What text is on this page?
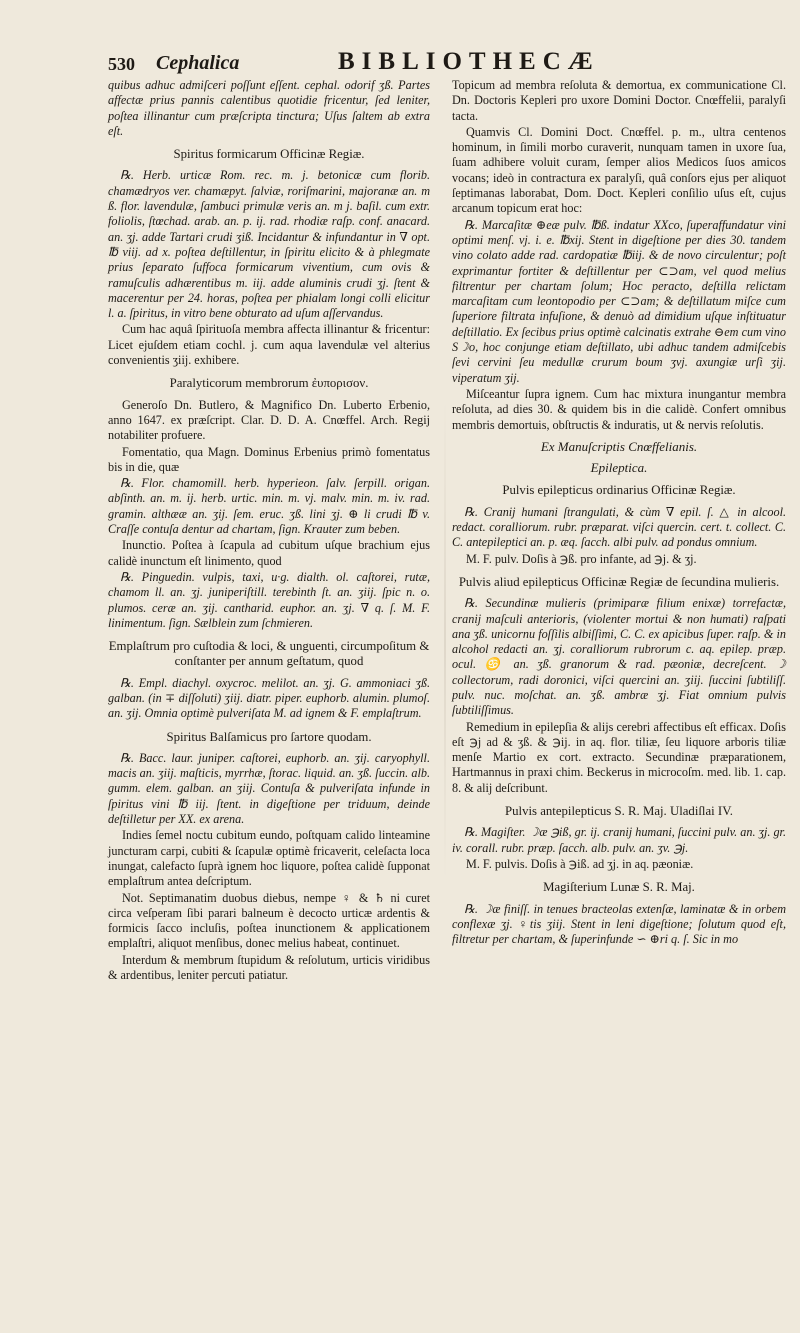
530 Cephalica	BIBLIOTHECÆ

quibus adhuc admiſceri poſſunt eſſent. cephal. odorif ʒß. Partes affectæ prius pannis calentibus quotidie fricentur, ſed leniter, poſtea illinantur cum præſcripta tinctura; Uſus ſaltem ab extra eſt.

Spiritus formicarum Officinæ Regiæ.

℞. Herb. urticæ Rom. rec. m. j. betonicæ cum florib. chamædryos ver. chamæpyt. ſalviæ, roriſmarini, majoranæ an. m ß. flor. lavendulæ, ſambuci primulæ veris an. m j. baſil. cum extr. foliolis, ſtœchad. arab. an. p. ij. rad. rhodiæ raſp. conf. anacard. an. ʒj. adde Tartari crudi ʒiß. Incidantur & infundantur in ∇ opt. ℔ viij. ad x. poſtea deſtillentur, in ſpiritu elicito & à phlegmate prius ſeparato ſuffoca formicarum viventium, cum ovis & ramuſculis adhærentibus m. iij. adde aluminis crudi ʒj. ſtent & macerentur per 24. horas, poſtea per phialam longi colli elicitur l. a. ſpiritus, in vitro bene obturato ad uſum aſſervandus.

Cum hac aquâ ſpirituoſa membra affecta illinantur & fricentur: Licet ejuſdem etiam cochl. j. cum aqua lavendulæ vel alterius convenientis ʒiij. exhibere.

Paralyticorum membrorum ἐυπορισον.

Generoſo Dn. Butlero, & Magnifico Dn. Luberto Erbenio, anno 1647. ex præſcript. Clar. D. D. A. Cnœffel. Arch. Regij notabiliter profuere.

Fomentatio, qua Magn. Dominus Erbenius primò fomentatus bis in die, quæ

℞. Flor. chamomill. herb. hyperieon. ſalv. ſerpill. origan. abſinth. an. m. ij. herb. urtic. min. m. vj. malv. min. m. iv. rad. gramin. althææ an. ʒij. ſem. eruc. ʒß. lini ʒj. ⊕ li crudi ℔ v. Craſſe contuſa dentur ad chartam, ſign. Krauter zum beben.

Inunctio. Poſtea à ſcapula ad cubitum uſque brachium ejus calidè inunctum eſt linimento, quod

℞. Pinguedin. vulpis, taxi, u·g. dialth. ol. caſtorei, rutæ, chamom ll. an. ʒj. juniperiſtill. terebinth ſt. an. ʒiij. ſpic n. o. plumos. ceræ an. ʒij. cantharid. euphor. an. ʒj. ∇ q. ſ. M. F. linimentum. ſign. Sælblein zum ſchmieren.

Emplaſtrum pro cuſtodia & loci, & unguenti, circumpoſitum & conſtanter per annum geſtatum, quod

℞. Empl. diachyl. oxycroc. melilot. an. ʒj. G. ammoniaci ʒß. galban. (in ∓ diſſoluti) ʒiij. diatr. piper. euphorb. alumin. plumoſ. an. ʒij. Omnia optimè pulveriſata M. ad ignem & F. emplaſtrum.

Spiritus Balſamicus pro ſartore quodam.

℞. Bacc. laur. juniper. caſtorei, euphorb. an. ʒij. caryophyll. macis an. ʒiij. maſticis, myrrhæ, ſtorac. liquid. an. ʒß. ſuccin. alb. gumm. elem. galban. an ʒiij. Contuſa & pulveriſata infunde in ſpiritus vini ℔ iij. ſtent. in digeſtione per triduum, deinde deſtilletur per XX. ex arena.

Indies ſemel noctu cubitum eundo, poſtquam calido linteamine juncturam carpi, cubiti & ſcapulæ optimè fricaverit, celeſacta loca inungat, calefacto ſuprà ignem hoc liquore, poſtea calidè ſupponat emplaſtrum antea deſcriptum.

Not. Septimanatim duobus diebus, nempe ♀ & ♄ ni curet circa veſperam ſibi parari balneum è decocto urticæ ardentis & formicis ſacco incluſis, poſtea inunctionem & applicationem emplaſtri, aliquot menſibus, donec melius habeat, continuet.

Interdum & membrum ſtupidum & reſolutum, urticis viridibus & ardentibus, leniter percuti patiatur.

Topicum ad membra reſoluta & demortua, ex communicatione Cl. Dn. Doctoris Kepleri pro uxore Domini Doctor. Cnœffelii, paralyſi tacta.

Quamvis Cl. Domini Doct. Cnœffel. p. m., ultra centenos hominum, in ſimili morbo curaverit, nunquam tamen in uxore ſua, ſuam adhibere voluit curam, ſemper alios Medicos ſuos amicos vocans; ideò in contractura ex paralyſi, quâ conſors ejus per aliquot ſeptimanas laborabat, Dom. Doct. Kepleri conſilio uſus eſt, cujus arcanum topicum erat hoc:

℞. Marcaſitæ ⊕eæ pulv. ℔ß. indatur XXco, ſuperaffundatur vini optimi menſ. vj. i. e. ℔xij. Stent in digeſtione per dies 30. tandem vino colato adde rad. cardopatiæ ℔iij. & de novo circulentur; poſt exprimantur fortiter & deſtillentur per ⊂⊃am, vel quod melius filtrentur per chartam ſolum; Hoc peracto, deſtilla relictam marcaſitam cum leontopodio per ⊂⊃am; & deſtillatum miſce cum ſuperiore filtrata infuſione, & denuò ad dimidium uſque inſtituatur deſtillatio. Ex ſecibus prius optimè calcinatis extrahe ⊖em cum vino S☽o, hoc conjunge etiam deſtillato, ubi adhuc tandem admiſcebis ſevi cervini ſeu medullæ crurum boum ʒvj. axungiæ urſi ʒij. viperatum ʒij.

Miſceantur ſupra ignem. Cum hac mixtura inungantur membra reſoluta, ad dies 30. & quidem bis in die calidè. Confert omnibus membris demortuis, obſtructis & induratis, ut & nervis reſolutis.

Ex Manuſcriptis Cnœffelianis.

Epileptica.

Pulvis epilepticus ordinarius Officinæ Regiæ.

℞. Cranij humani ſtrangulati, & cùm ∇ epil. ſ. △ in alcool. redact. coralliorum. rubr. præparat. viſci quercin. cert. t. collect. C. C. antepileptici an. p. æq. ſacch. albi pulv. ad pondus omnium.

M. F. pulv. Doſis à ℈ß. pro infante, ad ℈j. & ʒj.

Pulvis aliud epilepticus Officinæ Regiæ de ſecundina mulieris.

℞. Secundinæ mulieris (primiparæ filium enixæ) torrefactæ, cranij maſculi anterioris, (violenter mortui & non humati) raſpati ana ʒß. unicornu foſſilis albiſſimi, C. C. ex apicibus ſuper. raſp. & in alcohol redacti an. ʒj. coralliorum rubrorum c. aq. epilep. præp. ocul. ♋ an. ʒß. granorum & rad. pæoniæ, decreſcent. ☽ collectorum, radi doronici, viſci quercini an. ʒiij. ſuccini ſubtiliſſ. pulv. nuc. moſchat. an. ʒß. ambræ ʒj. Fiat omnium pulvis ſubtiliſſimus.

Remedium in epilepſia & alijs cerebri affectibus eſt efficax. Doſis eſt ℈j ad & ʒß. & ℈ij. in aq. flor. tiliæ, ſeu liquore arboris tiliæ menſe Martio ex cort. extracto. Secundinæ præparationem, Hartmannus in praxi chim. Beckerus in microcoſm. med. lib. 1. cap. 8. & alij deſcribunt.

Pulvis antepilepticus S. R. Maj. Uladiſlai IV.

℞. Magiſter. ☽æ ℈iß, gr. ij. cranij humani, ſuccini pulv. an. ʒj. gr. iv. corall. rubr. præp. ſacch. alb. pulv. an. ʒv. ℈j.

M. F. pulvis. Doſis à ℈iß. ad ʒj. in aq. pæoniæ.

Magiſterium Lunæ S. R. Maj.

℞. ☽æ finiſſ. in tenues bracteolas extenſæ, laminatæ & in orbem conflexæ ʒj. ♀tis ʒiij. Stent in leni digeſtione; ſolutum quod eſt, filtretur per chartam, & ſuperinfunde ∽ ⊕ri q. ſ. Sic in mo
